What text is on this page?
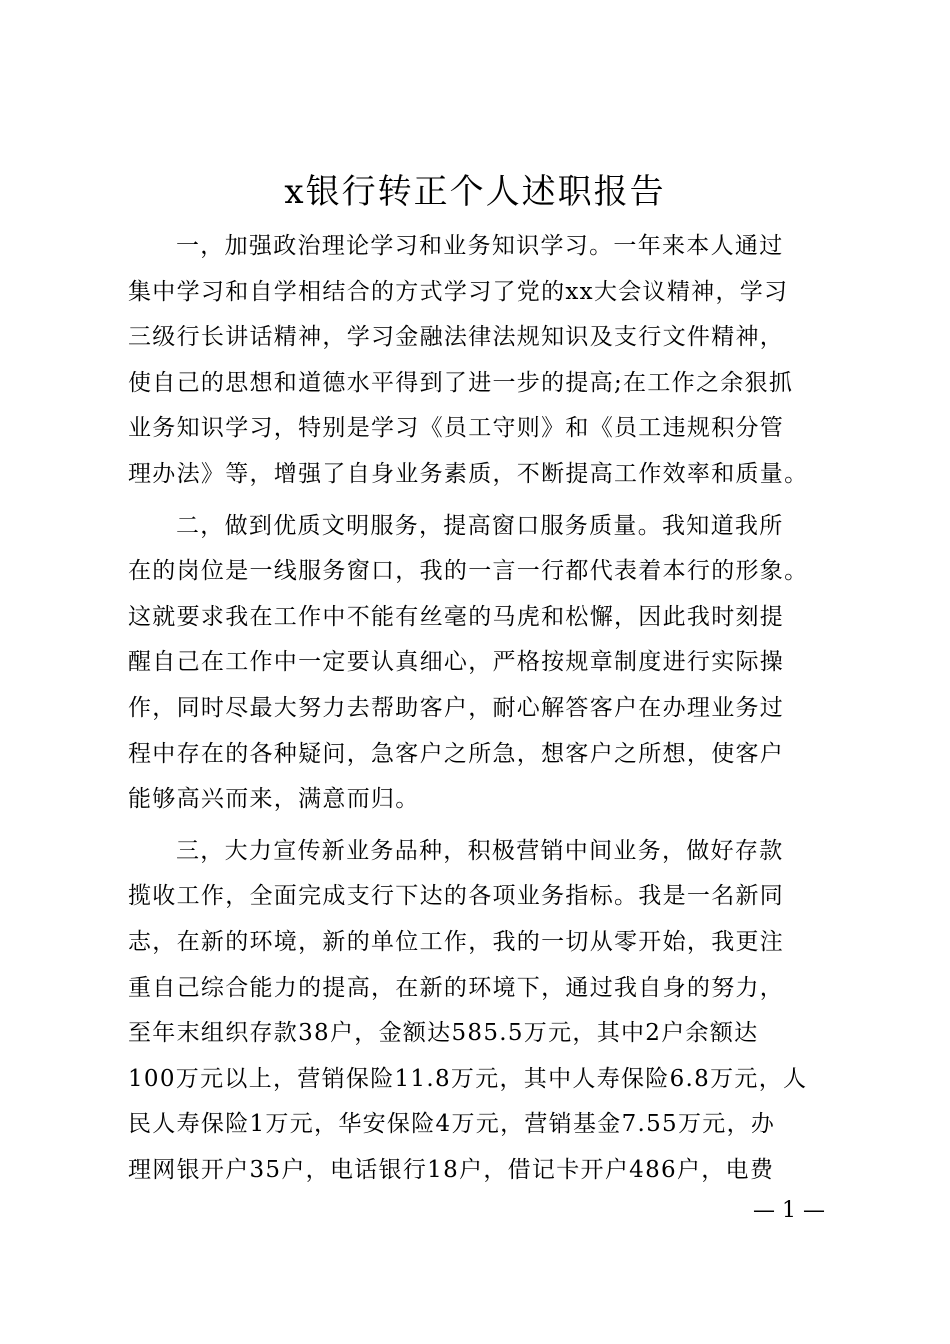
x银行转正个人述职报告
一，加强政治理论学习和业务知识学习。一年来本人通过
集中学习和自学相结合的方式学习了党的xx大会议精神，学习
三级行长讲话精神，学习金融法律法规知识及支行文件精神，
使自己的思想和道德水平得到了进一步的提高;在工作之余狠抓
业务知识学习，特别是学习《员工守则》和《员工违规积分管
理办法》等，增强了自身业务素质，不断提高工作效率和质量。
二，做到优质文明服务，提高窗口服务质量。我知道我所
在的岗位是一线服务窗口，我的一言一行都代表着本行的形象。
这就要求我在工作中不能有丝毫的马虎和松懈，因此我时刻提
醒自己在工作中一定要认真细心，严格按规章制度进行实际操
作，同时尽最大努力去帮助客户，耐心解答客户在办理业务过
程中存在的各种疑问，急客户之所急，想客户之所想，使客户
能够高兴而来，满意而归。
三，大力宣传新业务品种，积极营销中间业务，做好存款
揽收工作，全面完成支行下达的各项业务指标。我是一名新同
志，在新的环境，新的单位工作，我的一切从零开始，我更注
重自己综合能力的提高，在新的环境下，通过我自身的努力，
至年末组织存款38户，金额达585.5万元，其中2户余额达
100万元以上，营销保险11.8万元，其中人寿保险6.8万元，人
民人寿保险1万元，华安保险4万元，营销基金7.55万元，办
理网银开户35户，电话银行18户，借记卡开户486户，电费
— 1 —
